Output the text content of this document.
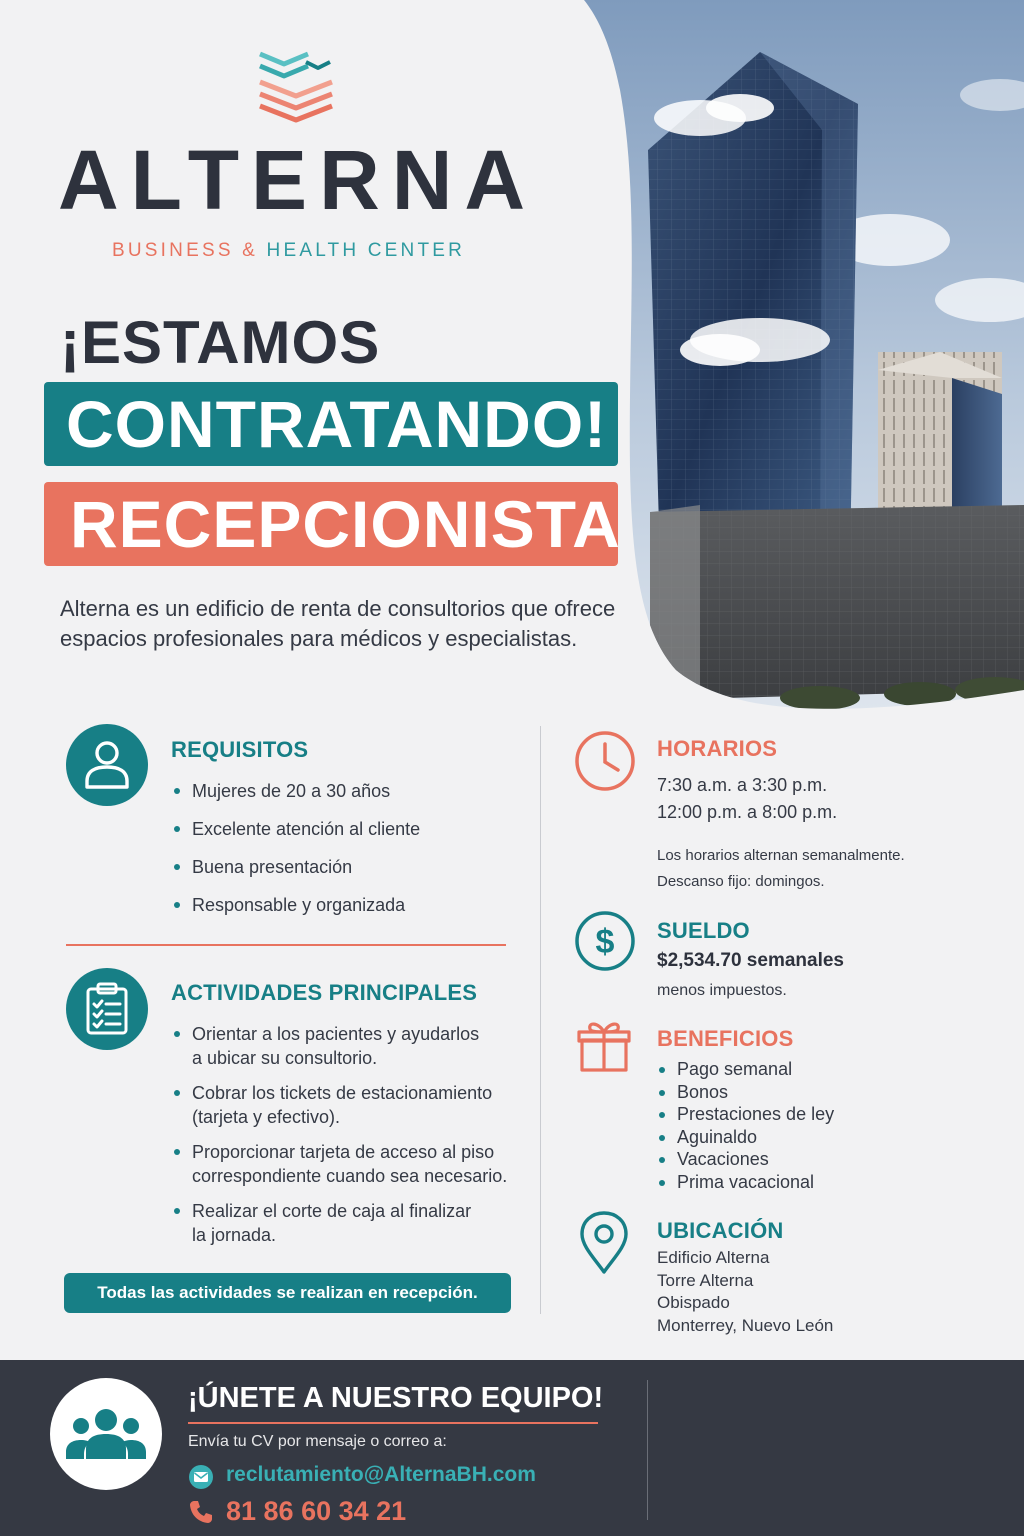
ALTERNA
BUSINESS & HEALTH CENTER
¡ESTAMOS
CONTRATANDO!
RECEPCIONISTA

Alterna es un edificio de renta de consultorios que ofrece espacios profesionales para médicos y especialistas.

REQUISITOS
Mujeres de 20 a 30 años
Excelente atención al cliente
Buena presentación
Responsable y organizada
ACTIVIDADES PRINCIPALES
Orientar a los pacientes y ayudarlos
a ubicar su consultorio.
Cobrar los tickets de estacionamiento
(tarjeta y efectivo).
Proporcionar tarjeta de acceso al piso
correspondiente cuando sea necesario.
Realizar el corte de caja al finalizar
la jornada.
Todas las actividades se realizan en recepción.
HORARIOS
7:30 a.m. a 3:30 p.m.
12:00 p.m. a 8:00 p.m.
Los horarios alternan semanalmente.
Descanso fijo: domingos.
$ SUELDO
$2,534.70 semanales
menos impuestos.
BENEFICIOS
Pago semanal
Bonos
Prestaciones de ley
Aguinaldo
Vacaciones
Prima vacacional
UBICACIÓN
Edificio Alterna
Torre Alterna
Obispado
Monterrey, Nuevo León
¡ÚNETE A NUESTRO EQUIPO!
Envía tu CV por mensaje o correo a:
reclutamiento@AlternaBH.com
81 86 60 34 21
